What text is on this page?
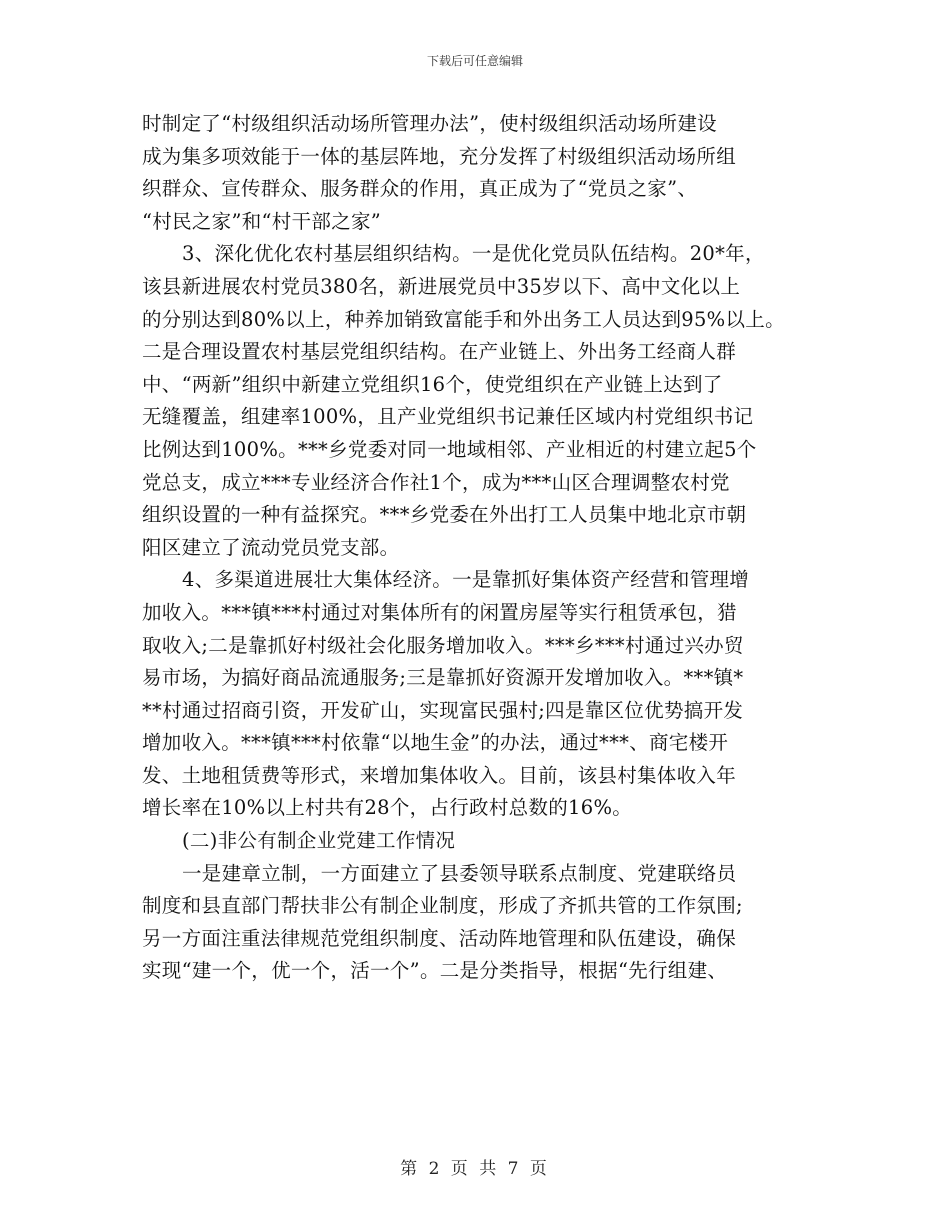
下载后可任意编辑
时制定了“村级组织活动场所管理办法”，使村级组织活动场所建设
成为集多项效能于一体的基层阵地，充分发挥了村级组织活动场所组
织群众、宣传群众、服务群众的作用，真正成为了“党员之家”、
“村民之家”和“村干部之家”
3、深化优化农村基层组织结构。一是优化党员队伍结构。20*年，
该县新进展农村党员380名，新进展党员中35岁以下、高中文化以上
的分别达到80%以上，种养加销致富能手和外出务工人员达到95%以上。
二是合理设置农村基层党组织结构。在产业链上、外出务工经商人群
中、“两新”组织中新建立党组织16个，使党组织在产业链上达到了
无缝覆盖，组建率100%，且产业党组织书记兼任区域内村党组织书记
比例达到100%。***乡党委对同一地域相邻、产业相近的村建立起5个
党总支，成立***专业经济合作社1个，成为***山区合理调整农村党
组织设置的一种有益探究。***乡党委在外出打工人员集中地北京市朝
阳区建立了流动党员党支部。
4、多渠道进展壮大集体经济。一是靠抓好集体资产经营和管理增
加收入。***镇***村通过对集体所有的闲置房屋等实行租赁承包，猎
取收入;二是靠抓好村级社会化服务增加收入。***乡***村通过兴办贸
易市场，为搞好商品流通服务;三是靠抓好资源开发增加收入。***镇*
**村通过招商引资，开发矿山，实现富民强村;四是靠区位优势搞开发
增加收入。***镇***村依靠“以地生金”的办法，通过***、商宅楼开
发、土地租赁费等形式，来增加集体收入。目前，该县村集体收入年
增长率在10%以上村共有28个，占行政村总数的16%。
(二)非公有制企业党建工作情况
一是建章立制，一方面建立了县委领导联系点制度、党建联络员
制度和县直部门帮扶非公有制企业制度，形成了齐抓共管的工作氛围;
另一方面注重法律规范党组织制度、活动阵地管理和队伍建设，确保
实现“建一个，优一个，活一个”。二是分类指导，根据“先行组建、
第 2 页 共 7 页
